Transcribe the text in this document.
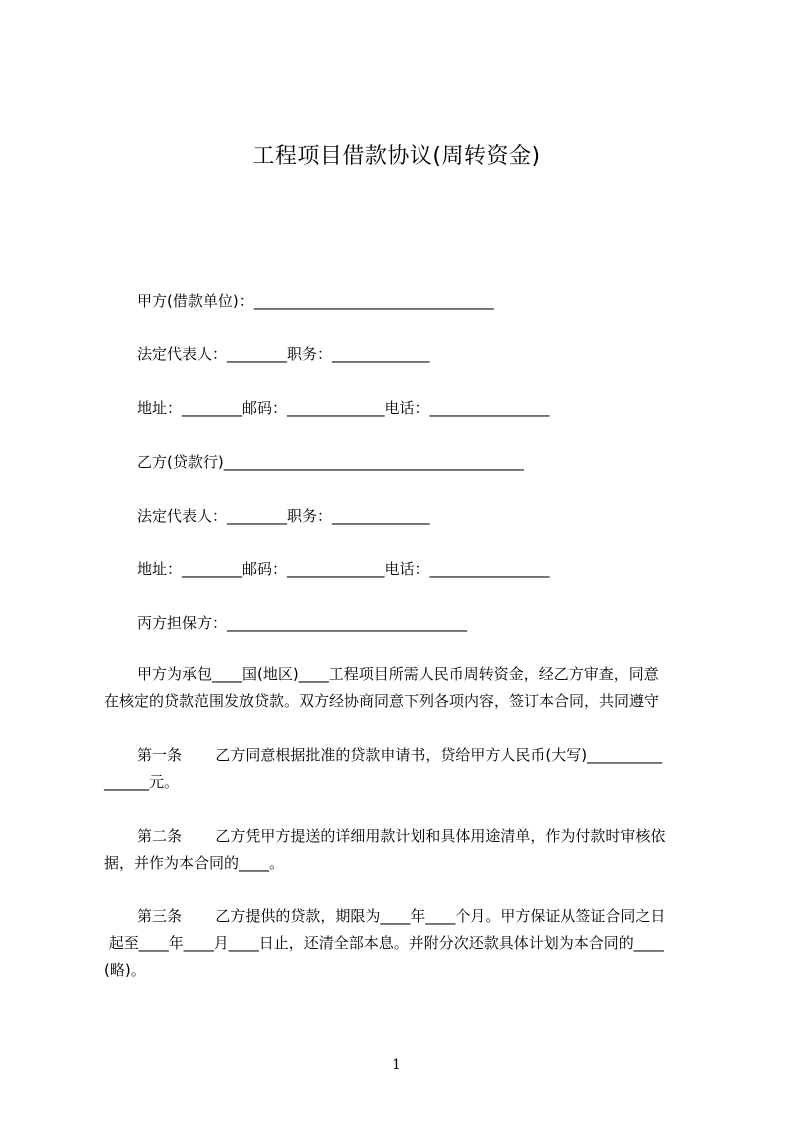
工程项目借款协议(周转资金)
甲方(借款单位)：________________________________
法定代表人：________职务：_____________
地址：________邮码：_____________电话：________________
乙方(贷款行)________________________________________
法定代表人：________职务：_____________
地址：________邮码：_____________电话：________________
丙方担保方：________________________________
甲方为承包____国(地区)____工程项目所需人民币周转资金，经乙方审查，同意
在核定的贷款范围发放贷款。双方经协商同意下列各项内容，签订本合同，共同遵守
第一条       乙方同意根据批准的贷款申请书，贷给甲方人民币(大写)__________
______元。
第二条       乙方凭甲方提送的详细用款计划和具体用途清单，作为付款时审核依
据，并作为本合同的____。
第三条       乙方提供的贷款，期限为____年____个月。甲方保证从签证合同之日
起至____年____月____日止，还清全部本息。并附分次还款具体计划为本合同的____
(略)。
1
